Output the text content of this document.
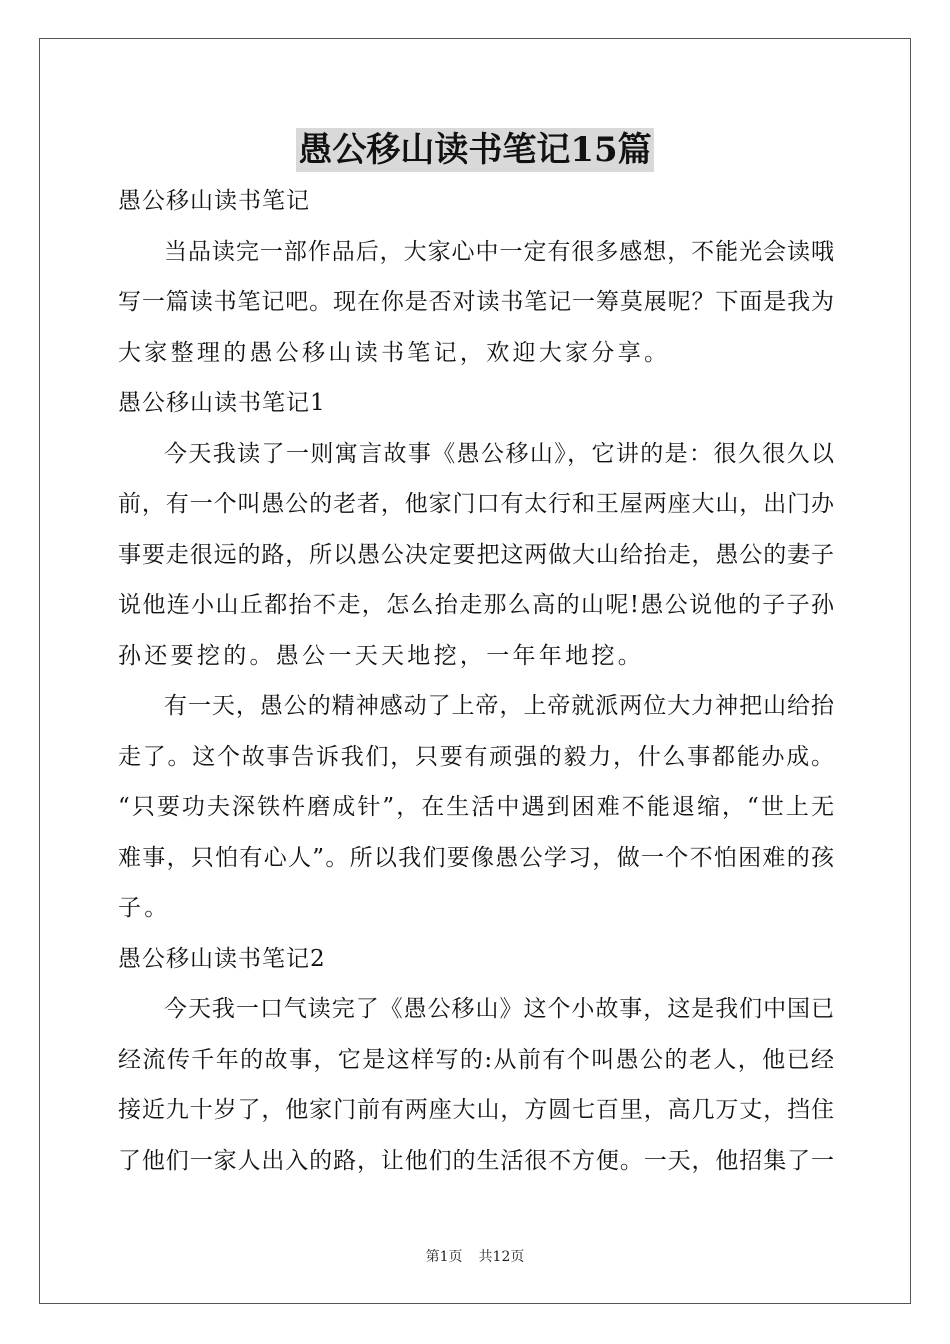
愚公移山读书笔记15篇
愚公移山读书笔记
当品读完一部作品后，大家心中一定有很多感想，不能光会读哦
写一篇读书笔记吧。现在你是否对读书笔记一筹莫展呢？下面是我为
大家整理的愚公移山读书笔记，欢迎大家分享。
愚公移山读书笔记1
今天我读了一则寓言故事《愚公移山》，它讲的是：很久很久以
前，有一个叫愚公的老者，他家门口有太行和王屋两座大山，出门办
事要走很远的路，所以愚公决定要把这两做大山给抬走，愚公的妻子
说他连小山丘都抬不走，怎么抬走那么高的山呢!愚公说他的子子孙
孙还要挖的。愚公一天天地挖，一年年地挖。
有一天，愚公的精神感动了上帝，上帝就派两位大力神把山给抬
走了。这个故事告诉我们，只要有顽强的毅力，什么事都能办成。
“只要功夫深铁杵磨成针”，在生活中遇到困难不能退缩，“世上无
难事，只怕有心人”。所以我们要像愚公学习，做一个不怕困难的孩
子。
愚公移山读书笔记2
今天我一口气读完了《愚公移山》这个小故事，这是我们中国已
经流传千年的故事，它是这样写的:从前有个叫愚公的老人，他已经
接近九十岁了，他家门前有两座大山，方圆七百里，高几万丈，挡住
了他们一家人出入的路，让他们的生活很不方便。一天，他招集了一
第1页 共12页
